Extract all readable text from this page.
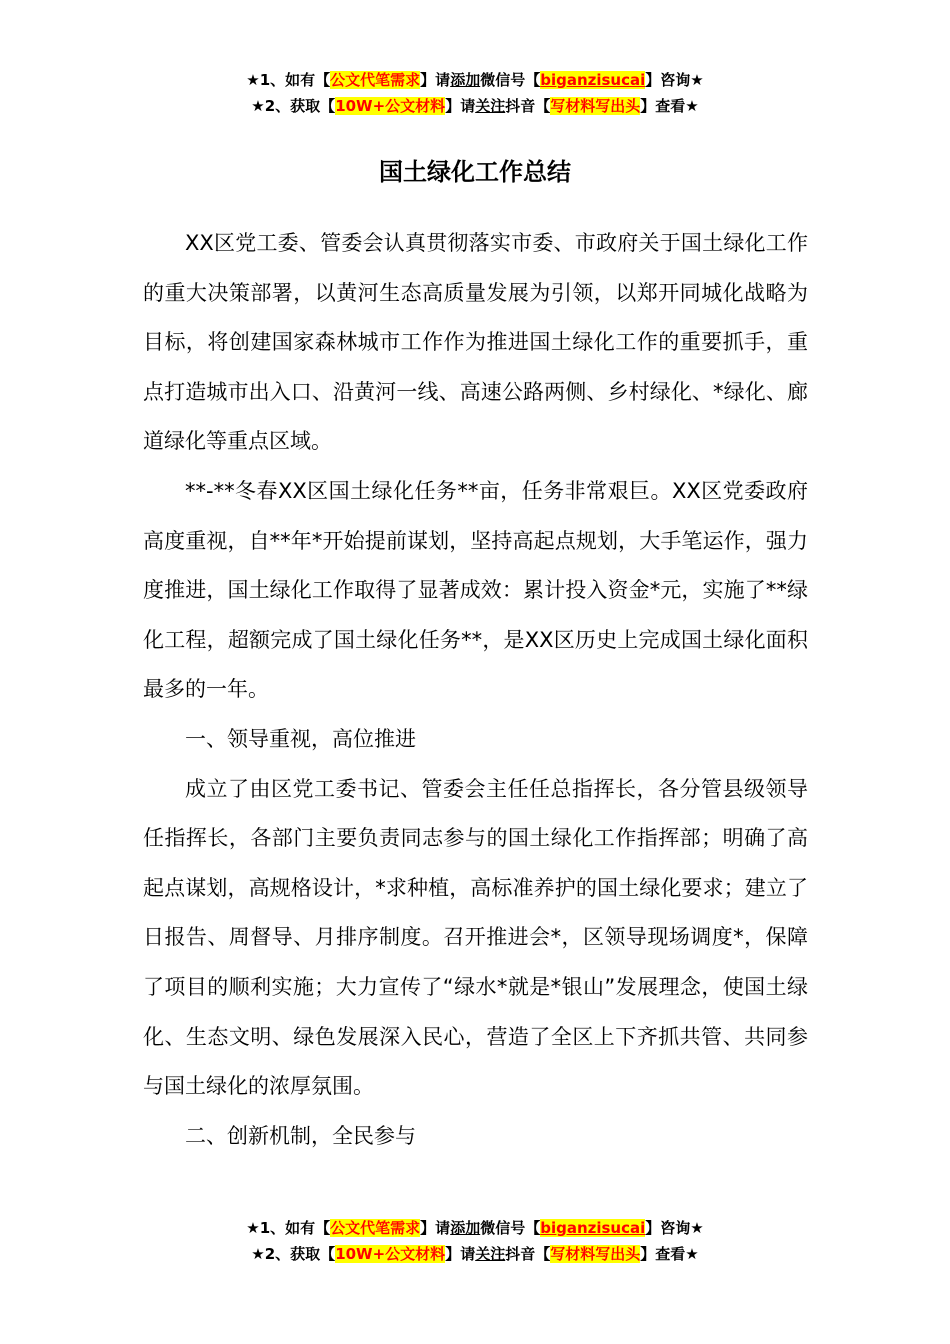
★1、如有【公文代笔需求】请添加微信号【biganzisucai】咨询★
★2、获取【10W+公文材料】请关注抖音【写材料写出头】查看★
国土绿化工作总结

XX区党工委、管委会认真贯彻落实市委、市政府关于国土绿化工作的重大决策部署，以黄河生态高质量发展为引领，以郑开同城化战略为目标，将创建国家森林城市工作作为推进国土绿化工作的重要抓手，重点打造城市出入口、沿黄河一线、高速公路两侧、乡村绿化、*绿化、廊道绿化等重点区域。

**-**冬春XX区国土绿化任务**亩，任务非常艰巨。XX区党委政府高度重视，自**年*开始提前谋划，坚持高起点规划，大手笔运作，强力度推进，国土绿化工作取得了显著成效：累计投入资金*元，实施了**绿化工程，超额完成了国土绿化任务**，是XX区历史上完成国土绿化面积最多的一年。

一、领导重视，高位推进

成立了由区党工委书记、管委会主任任总指挥长，各分管县级领导任指挥长，各部门主要负责同志参与的国土绿化工作指挥部；明确了高起点谋划，高规格设计，*求种植，高标准养护的国土绿化要求；建立了日报告、周督导、月排序制度。召开推进会*，区领导现场调度*，保障了项目的顺利实施；大力宣传了“绿水*就是*银山”发展理念，使国土绿化、生态文明、绿色发展深入民心，营造了全区上下齐抓共管、共同参与国土绿化的浓厚氛围。

二、创新机制，全民参与

★1、如有【公文代笔需求】请添加微信号【biganzisucai】咨询★
★2、获取【10W+公文材料】请关注抖音【写材料写出头】查看★
